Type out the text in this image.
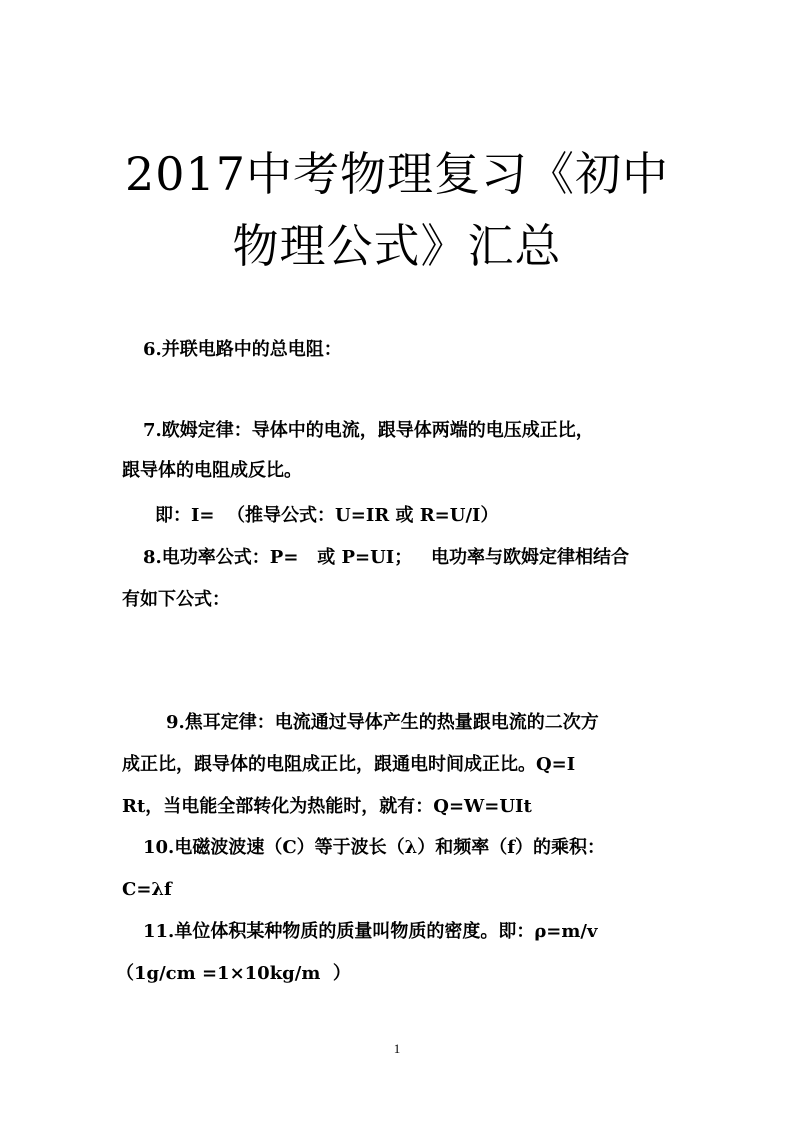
2017中考物理复习《初中
物理公式》汇总

6.并联电路中的总电阻：

7.欧姆定律：导体中的电流，跟导体两端的电压成正比，

跟导体的电阻成反比。

即：I=  （推导公式：U=IR 或 R=U/I）

8.电功率公式：P=   或 P=UI；   电功率与欧姆定律相结合

有如下公式：

9.焦耳定律：电流通过导体产生的热量跟电流的二次方

成正比，跟导体的电阻成正比，跟通电时间成正比。Q=I

Rt，当电能全部转化为热能时，就有：Q=W=UIt

10.电磁波波速（C）等于波长（λ）和频率（f）的乘积：

C=λf

11.单位体积某种物质的质量叫物质的密度。即：ρ=m/v

（1g/cm =1×10kg/m  ）

1
